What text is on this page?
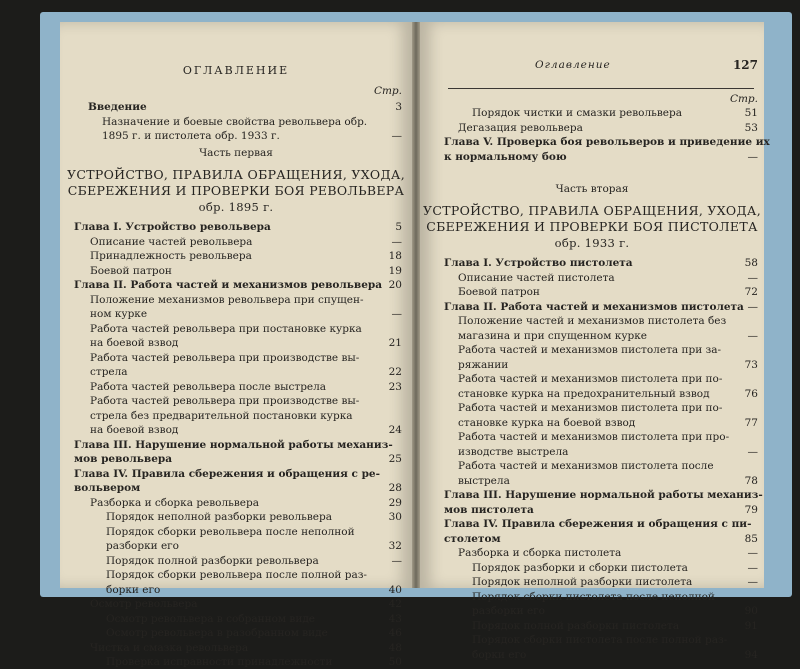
ОГЛАВЛЕНИЕ
Стр.
Введение	3
Назначение и боевые свойства револьвера обр.
1895 г. и пистолета обр. 1933 г.	—
Часть первая
УСТРОЙСТВО, ПРАВИЛА ОБРАЩЕНИЯ, УХОДА,
СБЕРЕЖЕНИЯ И ПРОВЕРКИ БОЯ РЕВОЛЬВЕРА
обр. 1895 г.
Глава I. Устройство револьвера	5
Описание частей револьвера	—
Принадлежность револьвера	18
Боевой патрон	19
Глава II. Работа частей и механизмов револьвера 20
Положение механизмов револьвера при спущен-
ном курке	—
Работа частей револьвера при постановке курка
на боевой взвод	21
Работа частей револьвера при производстве вы-
стрела	22
Работа частей револьвера после выстрела	23
Работа частей револьвера при производстве вы-
стрела без предварительной постановки курка
на боевой взвод	24
Глава III. Нарушение нормальной работы механиз-
мов револьвера	25
Глава IV. Правила сбережения и обращения с ре-
вольвером	28
Разборка и сборка револьвера	29
Порядок неполной разборки револьвера	30
Порядок сборки револьвера после неполной
разборки его	32
Порядок полной разборки револьвера	—
Порядок сборки револьвера после полной раз-
борки его	40
Осмотр револьвера	42
Осмотр револьвера в собранном виде	43
Осмотр револьвера в разобранном виде	46
Чистка и смазка револьвера	48
Проверка исправности принадлежности	50
Оглавление	127
Стр.
Порядок чистки и смазки револьвера	51
Дегазация револьвера	53
Глава V. Проверка боя револьверов и приведение их
к нормальному бою	—
Часть вторая
УСТРОЙСТВО, ПРАВИЛА ОБРАЩЕНИЯ, УХОДА,
СБЕРЕЖЕНИЯ И ПРОВЕРКИ БОЯ ПИСТОЛЕТА
обр. 1933 г.
Глава I. Устройство пистолета	58
Описание частей пистолета	—
Боевой патрон	72
Глава II. Работа частей и механизмов пистолета —
Положение частей и механизмов пистолета без
магазина и при спущенном курке	—
Работа частей и механизмов пистолета при за-
ряжании	73
Работа частей и механизмов пистолета при по-
становке курка на предохранительный взвод	76
Работа частей и механизмов пистолета при по-
становке курка на боевой взвод	77
Работа частей и механизмов пистолета при про-
изводстве выстрела	—
Работа частей и механизмов пистолета после
выстрела	78
Глава III. Нарушение нормальной работы механиз-
мов пистолета	79
Глава IV. Правила сбережения и обращения с пи-
столетом	85
Разборка и сборка пистолета	—
Порядок разборки и сборки пистолета	—
Порядок неполной разборки пистолета	—
Порядок сборки пистолета после неполной
разборки его	90
Порядок полной разборки пистолета	91
Порядок сборки пистолета после полной раз-
борки его	94
